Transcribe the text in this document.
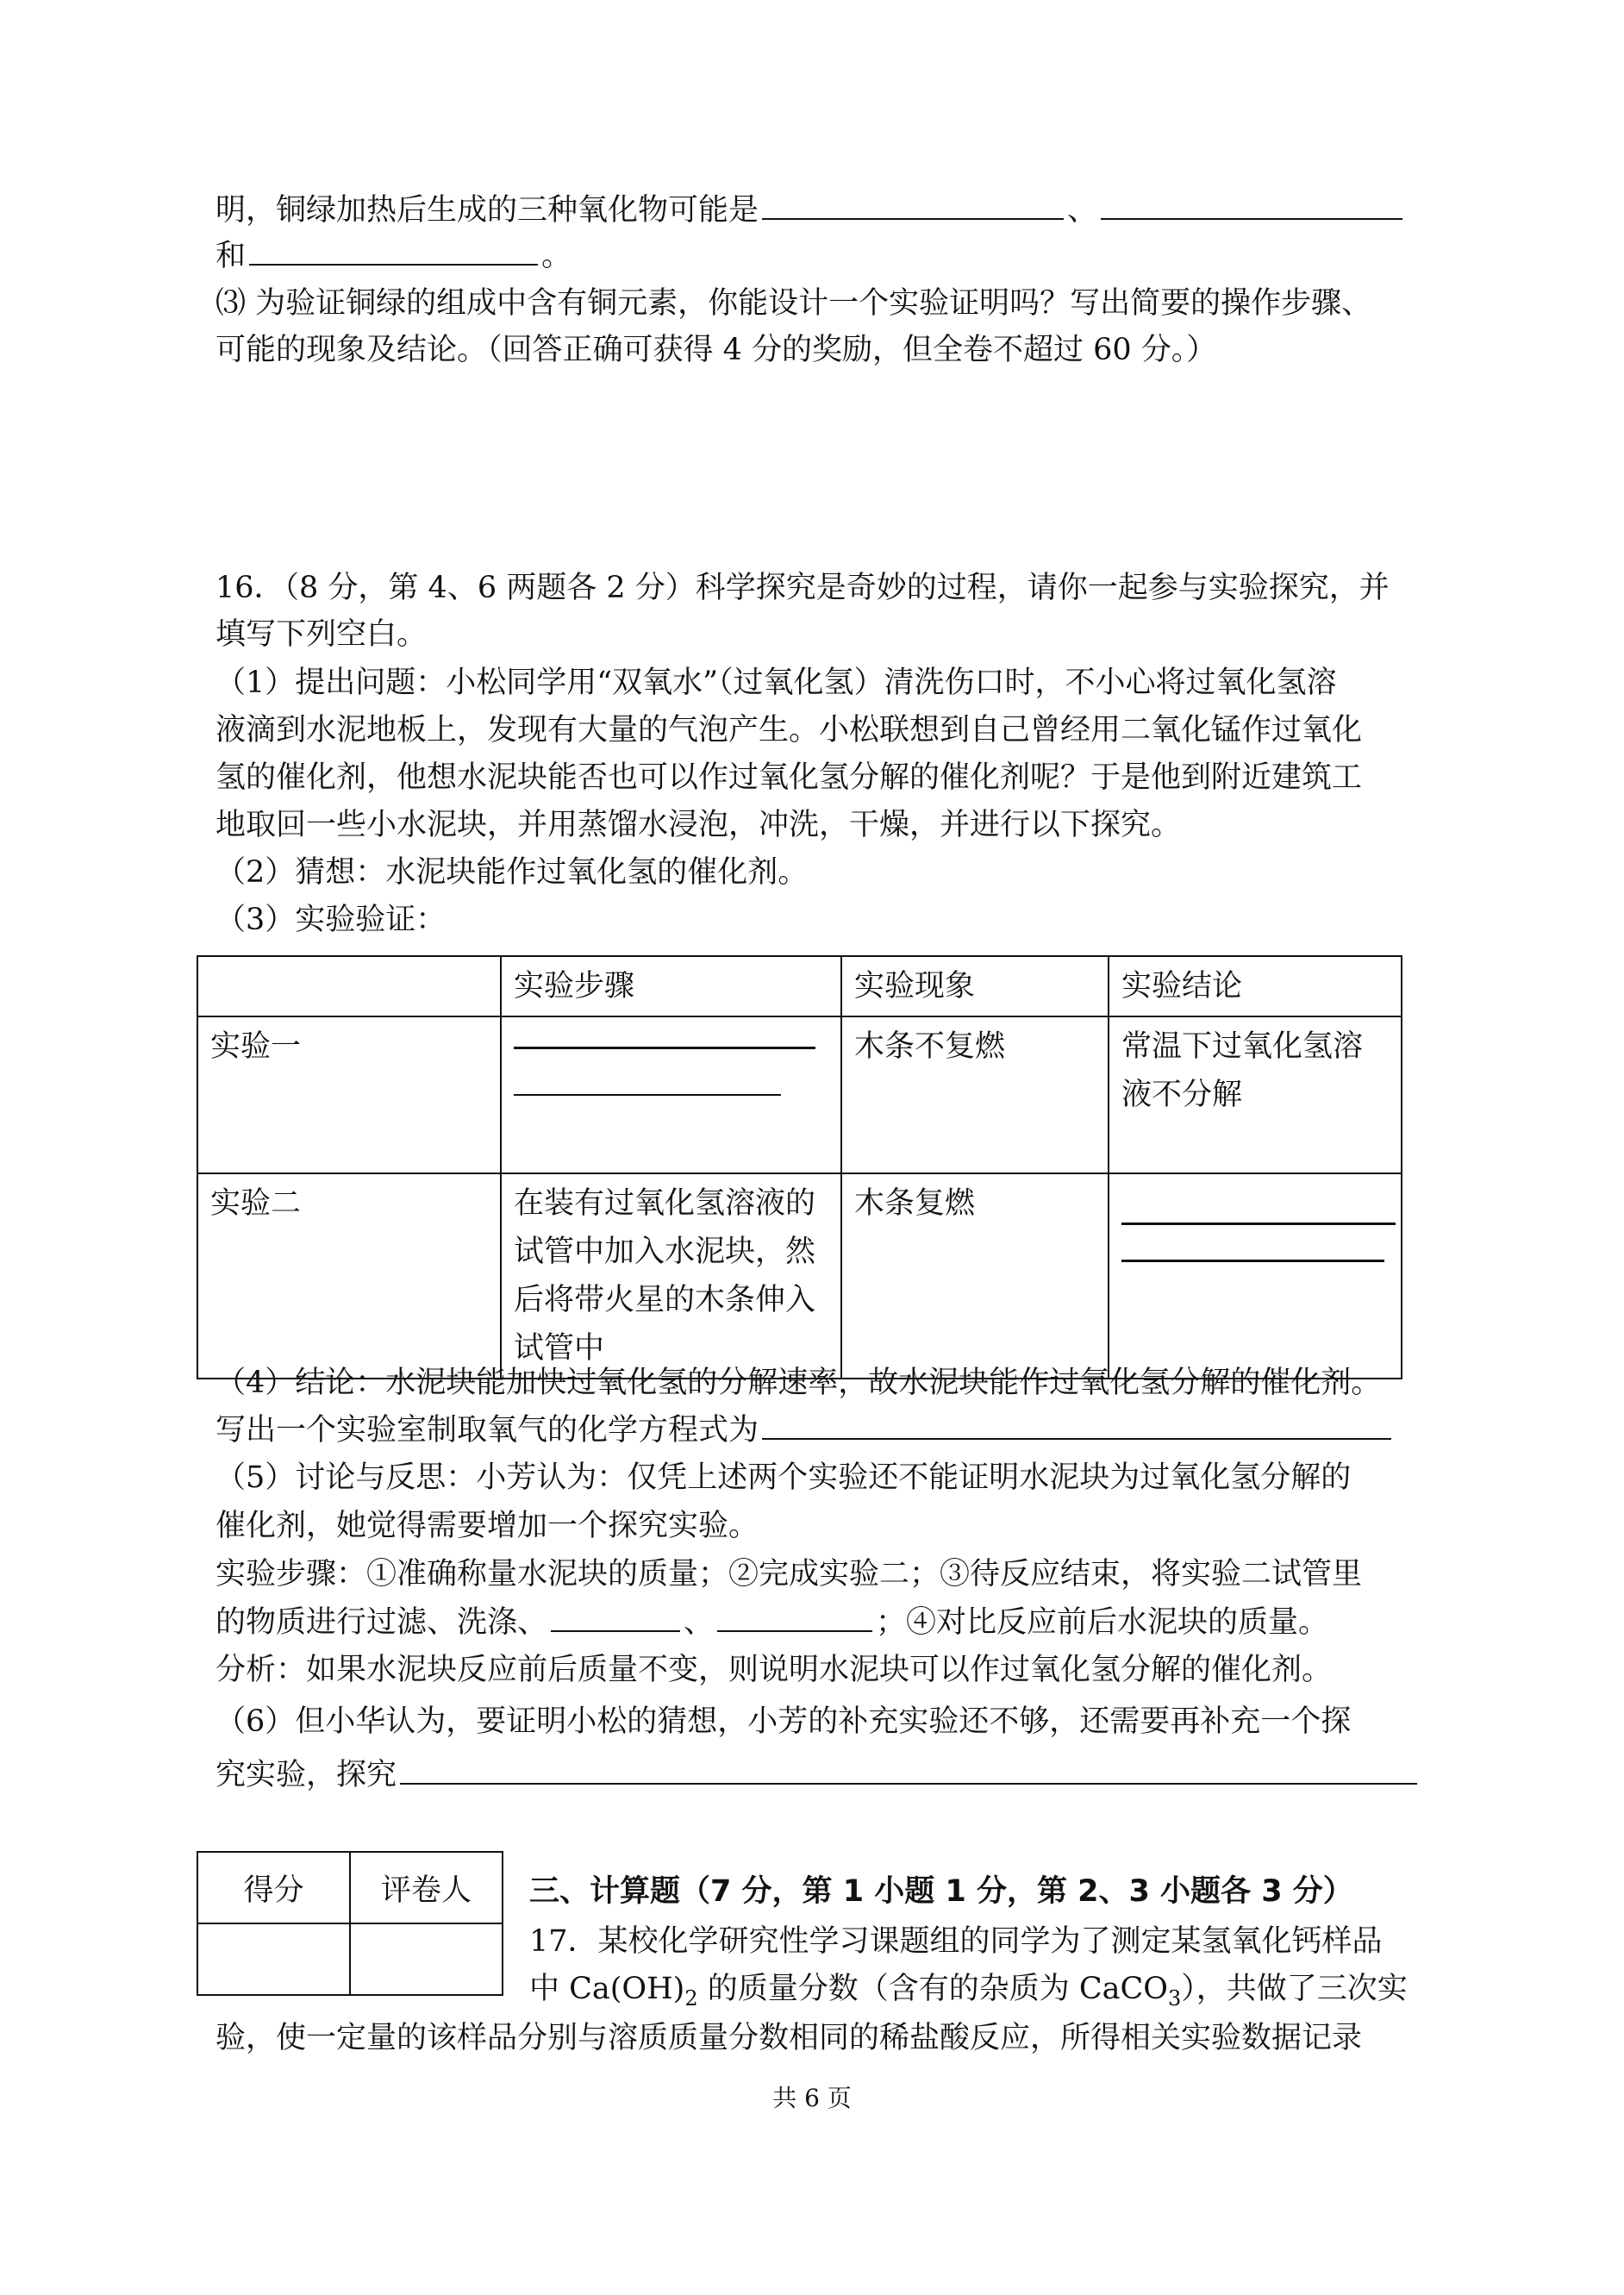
明，铜绿加热后生成的三种氧化物可能是	、
和	。
⑶ 为验证铜绿的组成中含有铜元素，你能设计一个实验证明吗？写出简要的操作步骤、
可能的现象及结论。（回答正确可获得 4 分的奖励，但全卷不超过 60 分。）
16．（8 分，第 4、6 两题各 2 分）科学探究是奇妙的过程，请你一起参与实验探究，并
填写下列空白。
（1）提出问题：小松同学用“双氧水”（过氧化氢）清洗伤口时，不小心将过氧化氢溶
液滴到水泥地板上，发现有大量的气泡产生。小松联想到自己曾经用二氧化锰作过氧化
氢的催化剂，他想水泥块能否也可以作过氧化氢分解的催化剂呢？于是他到附近建筑工
地取回一些小水泥块，并用蒸馏水浸泡，冲洗，干燥，并进行以下探究。
（2）猜想：水泥块能作过氧化氢的催化剂。
（3）实验验证：
	实验步骤	实验现象	实验结论
实验一		木条不复燃	常温下过氧化氢溶液不分解
实验二	在装有过氧化氢溶液的试管中加入水泥块，然后将带火星的木条伸入试管中	木条复燃	
（4）结论：水泥块能加快过氧化氢的分解速率，故水泥块能作过氧化氢分解的催化剂。
写出一个实验室制取氧气的化学方程式为
（5）讨论与反思：小芳认为：仅凭上述两个实验还不能证明水泥块为过氧化氢分解的
催化剂，她觉得需要增加一个探究实验。
实验步骤：①准确称量水泥块的质量；②完成实验二；③待反应结束，将实验二试管里
的物质进行过滤、洗涤、	、	；④对比反应前后水泥块的质量。
分析：如果水泥块反应前后质量不变，则说明水泥块可以作过氧化氢分解的催化剂。
（6）但小华认为，要证明小松的猜想，小芳的补充实验还不够，还需要再补充一个探
究实验，探究
得分	评卷人
	三、计算题（7 分，第 1 小题 1 分，第 2、3 小题各 3 分）
17．某校化学研究性学习课题组的同学为了测定某氢氧化钙样品
中 $Ca(OH)_2$ 的质量分数（含有的杂质为 CaCO$_3$），共做了三次实
验，使一定量的该样品分别与溶质质量分数相同的稀盐酸反应，所得相关实验数据记录
共 6 页
